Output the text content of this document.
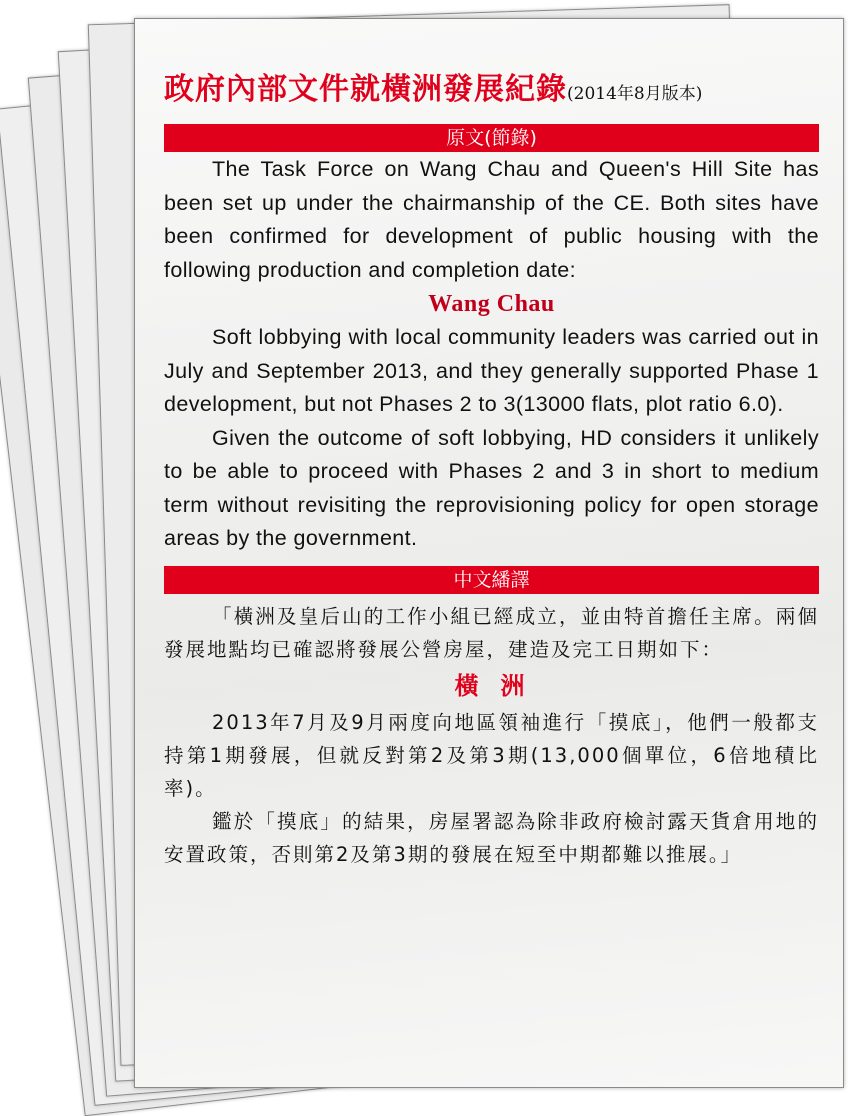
政府內部文件就橫洲發展紀錄(2014年8月版本)
原文(節錄)

The Task Force on Wang Chau and Queen's Hill Site has been set up under the chairmanship of the CE. Both sites have been confirmed for development of public housing with the following production and completion date:

Wang Chau

Soft lobbying with local community leaders was carried out in July and September 2013, and they generally supported Phase 1 development, but not Phases 2 to 3(13000 flats, plot ratio 6.0).

Given the outcome of soft lobbying, HD considers it unlikely to be able to proceed with Phases 2 and 3 in short to medium term without revisiting the reprovisioning policy for open storage areas by the government.

中文繙譯

「橫洲及皇后山的工作小組已經成立，並由特首擔任主席。兩個發展地點均已確認將發展公營房屋，建造及完工日期如下：

橫洲

2013年7月及9月兩度向地區領袖進行「摸底」，他們一般都支持第1期發展，但就反對第2及第3期(13,000個單位，6倍地積比率)。

鑑於「摸底」的結果，房屋署認為除非政府檢討露天貨倉用地的安置政策，否則第2及第3期的發展在短至中期都難以推展。」
